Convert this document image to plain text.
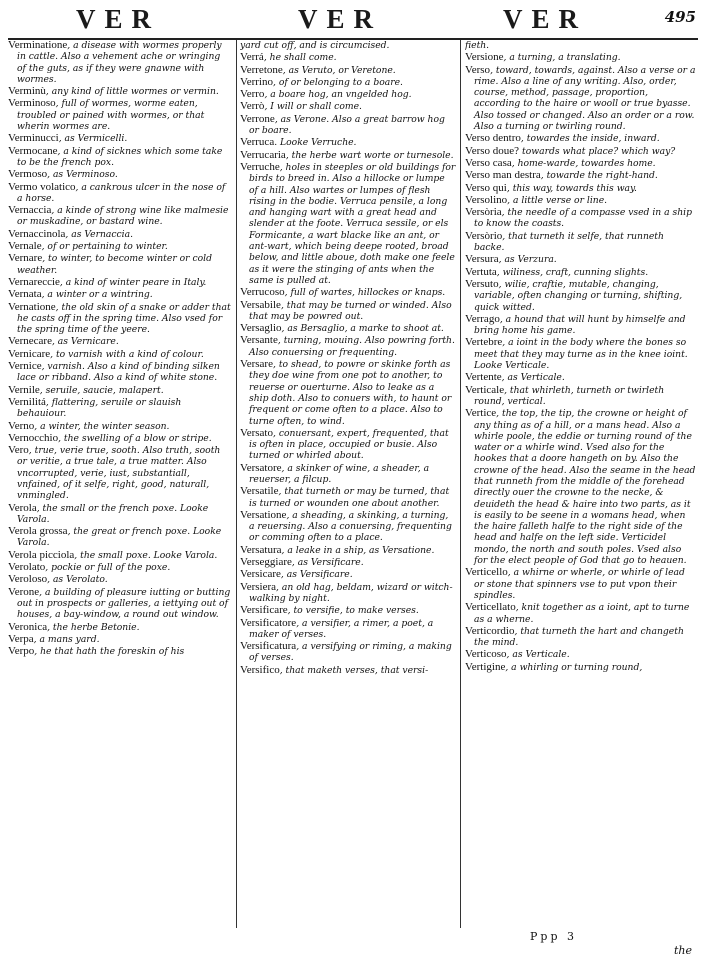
VER	VER	VER	495
Verminatione, a disease with wormes properly in cattle. Also a vehement ache or wringing of the guts, as if they were gnawne with wormes.
Verminù, any kind of little wormes or vermin.
Verminoso, full of wormes, worme eaten, troubled or pained with wormes, or that wherin wormes are.
Verminucci, as Vermicelli.
Vermocane, a kind of sicknes which some take to be the french pox.
Vermoso, as Verminoso.
Vermo volatico, a cankrous ulcer in the nose of a horse.
Vernaccia, a kinde of strong wine like malmesie or muskadine, or bastard wine.
Vernaccinola, as Vernaccia.
Vernale, of or pertaining to winter.
Vernare, to winter, to become winter or cold weather.
Vernareccie, a kind of winter peare in Italy.
Vernata, a winter or a wintring.
Vernatione, the old skin of a snake or adder that he casts off in the spring time. Also vsed for the spring time of the yeere.
Vernecare, as Vernicare.
Vernicare, to varnish with a kind of colour.
Vernice, varnish. Also a kind of binding silken lace or ribband. Also a kind of white stone.
Vernile, seruile, saucie, malapert.
Vernilitá, flattering, seruile or slauish behauiour.
Verno, a winter, the winter season.
Vernocchio, the swelling of a blow or stripe.
Vero, true, verie true, sooth. Also truth, sooth or veritie, a true tale, a true matter. Also vncorrupted, verie, iust, substantiall, vnfained, of it selfe, right, good, naturall, vnmingled.
Verola, the small or the french poxe. Looke Varola.
Verola grossa, the great or french poxe. Looke Varola.
Verola picciola, the small poxe. Looke Varola.
Verolato, pockie or full of the poxe.
Veroloso, as Verolato.
Verone, a building of pleasure iutting or butting out in prospects or galleries, a iettying out of houses, a bay-window, a round out window.
Veronica, the herbe Betonie.
Verpa, a mans yard.
Verpo, he that hath the foreskin of his
yard cut off, and is circumcised.
Verrá, he shall come.
Verretone, as Veruto, or Veretone.
Verrino, of or belonging to a boare.
Verro, a boare hog, an vngelded hog.
Verrò, I will or shall come.
Verrone, as Verone. Also a great barrow hog or boare.
Verruca. Looke Verruche.
Verrucaria, the herbe wart worte or turnesole.
Verruche, holes in steeples or old buildings for birds to breed in. Also a hillocke or lumpe of a hill. Also wartes or lumpes of flesh rising in the bodie. Verruca pensile, a long and hanging wart with a great head and slender at the foote. Verruca sessile, or els Formicante, a wart blacke like an ant, or ant-wart, which being deepe rooted, broad below, and little aboue, doth make one feele as it were the stinging of ants when the same is pulled at.
Verrucoso, full of wartes, hillockes or knaps.
Versabile, that may be turned or winded. Also that may be powred out.
Versaglio, as Bersaglio, a marke to shoot at.
Versante, turning, mouing. Also powring forth. Also conuersing or frequenting.
Versare, to shead, to powre or skinke forth as they doe wine from one pot to another, to reuerse or ouerturne. Also to leake as a ship doth. Also to conuers with, to haunt or frequent or come often to a place. Also to turne often, to wind.
Versato, conuersant, expert, frequented, that is often in place, occupied or busie. Also turned or whirled about.
Versatore, a skinker of wine, a sheader, a reuerser, a filcup.
Versatile, that turneth or may be turned, that is turned or wounden one about another.
Versatione, a sheading, a skinking, a turning, a reuersing. Also a conuersing, frequenting or comming often to a place.
Versatura, a leake in a ship, as Versatione.
Verseggiare, as Versificare.
Versicare, as Versificare.
Versiera, an old hag, beldam, wizard or witch-walking by night.
Versificare, to versifie, to make verses.
Versificatore, a versifier, a rimer, a poet, a maker of verses.
Versificatura, a versifying or riming, a making of verses.
Versifico, that maketh verses, that versi-
fieth.
Versione, a turning, a translating.
Verso, toward, towards, against. Also a verse or a rime. Also a line of any writing. Also, order, course, method, passage, proportion, according to the haire or wooll or true byasse. Also tossed or changed. Also an order or a row. Also a turning or twirling round.
Verso dentro, towardes the inside, inward.
Verso doue? towards what place? which way?
Verso casa, home-warde, towardes home.
Verso man destra, towarde the right-hand.
Verso qui, this way, towards this way.
Versolino, a little verse or line.
Versòria, the needle of a compasse vsed in a ship to know the coasts.
Versòrio, that turneth it selfe, that runneth backe.
Versura, as Verzura.
Vertuta, wiliness, craft, cunning slights.
Versuto, wilie, craftie, mutable, changing, variable, often changing or turning, shifting, quick witted.
Verrago, a hound that will hunt by himselfe and bring home his game.
Vertebre, a ioint in the body where the bones so meet that they may turne as in the knee ioint. Looke Verticale.
Vertente, as Verticale.
Verticale, that whirleth, turneth or twirleth round, vertical.
Vertice, the top, the tip, the crowne or height of any thing as of a hill, or a mans head. Also a whirle poole, the eddie or turning round of the water or a whirle wind. Vsed also for the hookes that a doore hangeth on by. Also the crowne of the head. Also the seame in the head that runneth from the middle of the forehead directly ouer the crowne to the necke, & deuideth the head & haire into two parts, as it is easily to be seene in a womans head, when the haire falleth halfe to the right side of the head and halfe on the left side. Verticidel mondo, the north and south poles. Vsed also for the elect people of God that go to heauen.
Verticello, a whirne or wherle, or whirle of lead or stone that spinners vse to put vpon their spindles.
Verticellato, knit together as a ioint, apt to turne as a wherne.
Verticordio, that turneth the hart and changeth the mind.
Verticoso, as Verticale.
Vertigine, a whirling or turning round,
Ppp 3
the
